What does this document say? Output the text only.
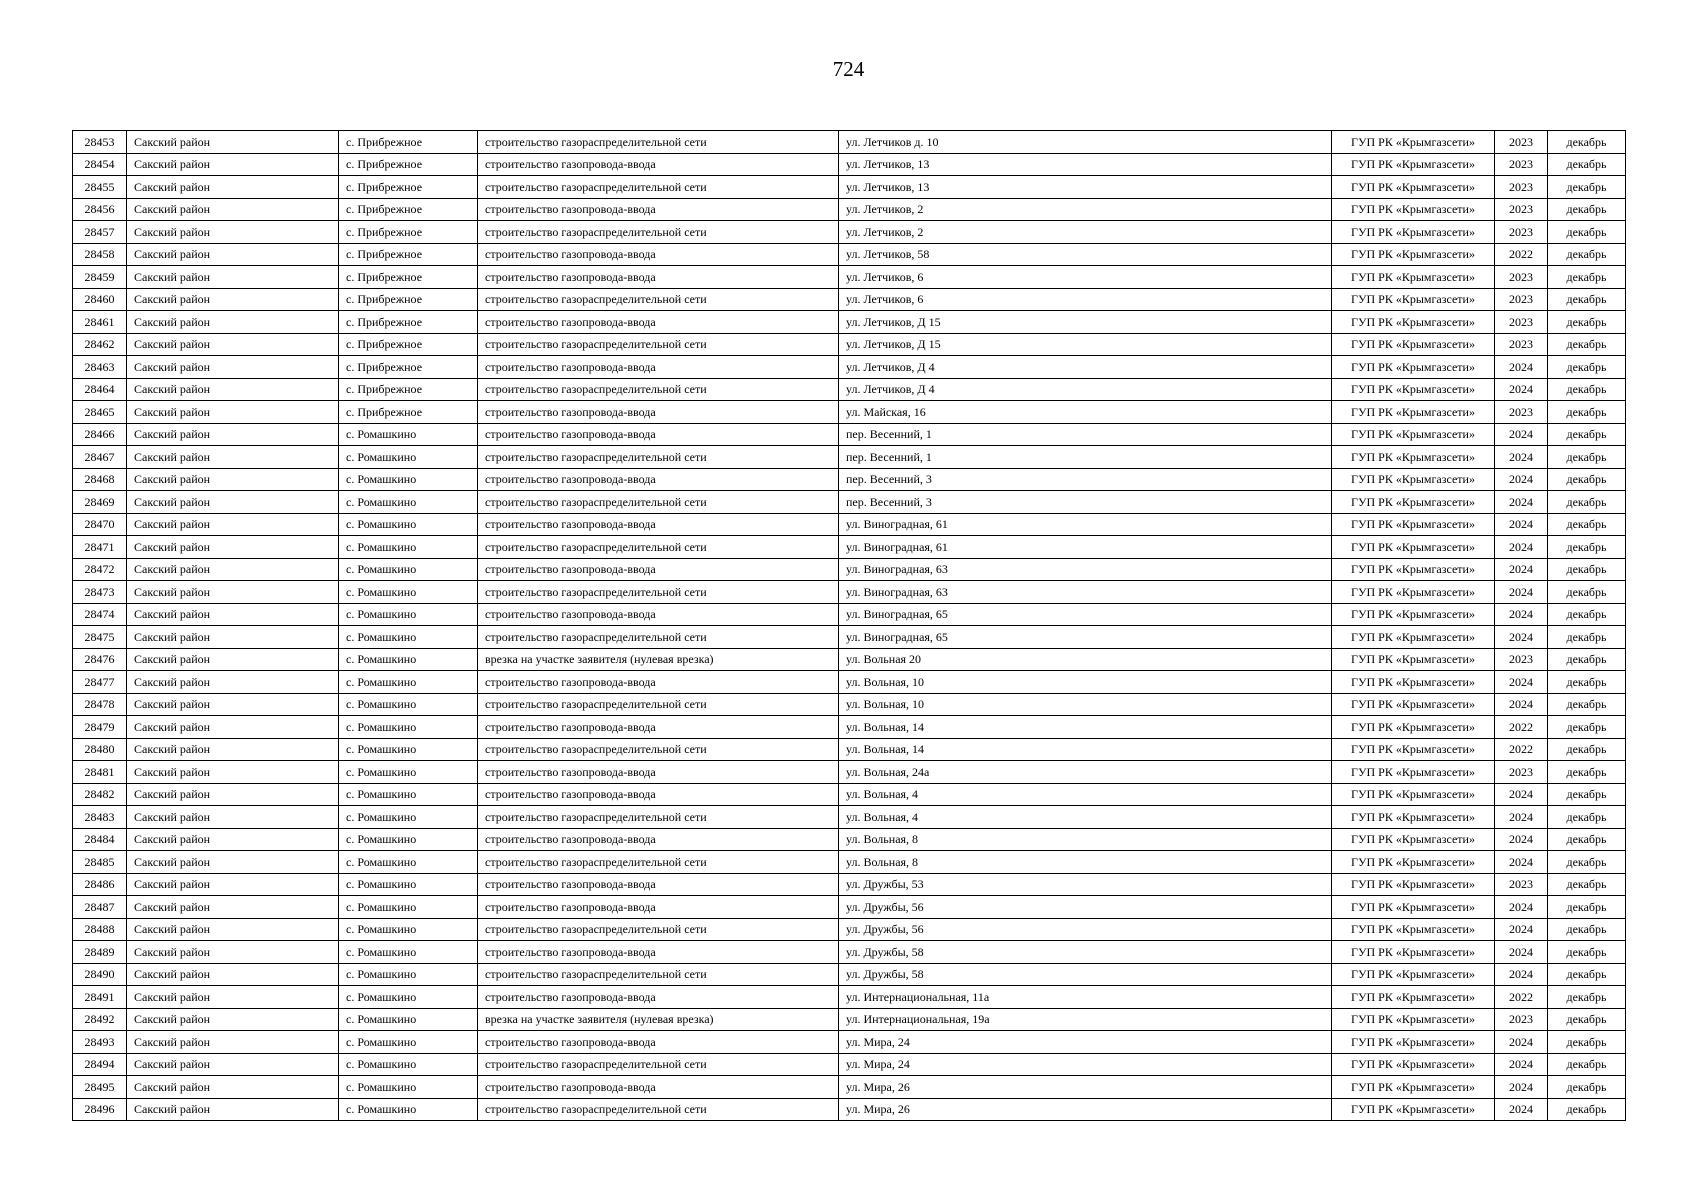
724
28453	Сакский район	с. Прибрежное	строительство газораспределительной сети	ул. Летчиков д. 10	ГУП РК «Крымгазсети»	2023	декабрь
28454	Сакский район	с. Прибрежное	строительство газопровода-ввода	ул. Летчиков, 13	ГУП РК «Крымгазсети»	2023	декабрь
28455	Сакский район	с. Прибрежное	строительство газораспределительной сети	ул. Летчиков, 13	ГУП РК «Крымгазсети»	2023	декабрь
28456	Сакский район	с. Прибрежное	строительство газопровода-ввода	ул. Летчиков, 2	ГУП РК «Крымгазсети»	2023	декабрь
28457	Сакский район	с. Прибрежное	строительство газораспределительной сети	ул. Летчиков, 2	ГУП РК «Крымгазсети»	2023	декабрь
28458	Сакский район	с. Прибрежное	строительство газопровода-ввода	ул. Летчиков, 58	ГУП РК «Крымгазсети»	2022	декабрь
28459	Сакский район	с. Прибрежное	строительство газопровода-ввода	ул. Летчиков, 6	ГУП РК «Крымгазсети»	2023	декабрь
28460	Сакский район	с. Прибрежное	строительство газораспределительной сети	ул. Летчиков, 6	ГУП РК «Крымгазсети»	2023	декабрь
28461	Сакский район	с. Прибрежное	строительство газопровода-ввода	ул. Летчиков, Д 15	ГУП РК «Крымгазсети»	2023	декабрь
28462	Сакский район	с. Прибрежное	строительство газораспределительной сети	ул. Летчиков, Д 15	ГУП РК «Крымгазсети»	2023	декабрь
28463	Сакский район	с. Прибрежное	строительство газопровода-ввода	ул. Летчиков, Д 4	ГУП РК «Крымгазсети»	2024	декабрь
28464	Сакский район	с. Прибрежное	строительство газораспределительной сети	ул. Летчиков, Д 4	ГУП РК «Крымгазсети»	2024	декабрь
28465	Сакский район	с. Прибрежное	строительство газопровода-ввода	ул. Майская, 16	ГУП РК «Крымгазсети»	2023	декабрь
28466	Сакский район	с. Ромашкино	строительство газопровода-ввода	пер. Весенний, 1	ГУП РК «Крымгазсети»	2024	декабрь
28467	Сакский район	с. Ромашкино	строительство газораспределительной сети	пер. Весенний, 1	ГУП РК «Крымгазсети»	2024	декабрь
28468	Сакский район	с. Ромашкино	строительство газопровода-ввода	пер. Весенний, 3	ГУП РК «Крымгазсети»	2024	декабрь
28469	Сакский район	с. Ромашкино	строительство газораспределительной сети	пер. Весенний, 3	ГУП РК «Крымгазсети»	2024	декабрь
28470	Сакский район	с. Ромашкино	строительство газопровода-ввода	ул. Виноградная, 61	ГУП РК «Крымгазсети»	2024	декабрь
28471	Сакский район	с. Ромашкино	строительство газораспределительной сети	ул. Виноградная, 61	ГУП РК «Крымгазсети»	2024	декабрь
28472	Сакский район	с. Ромашкино	строительство газопровода-ввода	ул. Виноградная, 63	ГУП РК «Крымгазсети»	2024	декабрь
28473	Сакский район	с. Ромашкино	строительство газораспределительной сети	ул. Виноградная, 63	ГУП РК «Крымгазсети»	2024	декабрь
28474	Сакский район	с. Ромашкино	строительство газопровода-ввода	ул. Виноградная, 65	ГУП РК «Крымгазсети»	2024	декабрь
28475	Сакский район	с. Ромашкино	строительство газораспределительной сети	ул. Виноградная, 65	ГУП РК «Крымгазсети»	2024	декабрь
28476	Сакский район	с. Ромашкино	врезка на участке заявителя (нулевая врезка)	ул. Вольная 20	ГУП РК «Крымгазсети»	2023	декабрь
28477	Сакский район	с. Ромашкино	строительство газопровода-ввода	ул. Вольная, 10	ГУП РК «Крымгазсети»	2024	декабрь
28478	Сакский район	с. Ромашкино	строительство газораспределительной сети	ул. Вольная, 10	ГУП РК «Крымгазсети»	2024	декабрь
28479	Сакский район	с. Ромашкино	строительство газопровода-ввода	ул. Вольная, 14	ГУП РК «Крымгазсети»	2022	декабрь
28480	Сакский район	с. Ромашкино	строительство газораспределительной сети	ул. Вольная, 14	ГУП РК «Крымгазсети»	2022	декабрь
28481	Сакский район	с. Ромашкино	строительство газопровода-ввода	ул. Вольная, 24а	ГУП РК «Крымгазсети»	2023	декабрь
28482	Сакский район	с. Ромашкино	строительство газопровода-ввода	ул. Вольная, 4	ГУП РК «Крымгазсети»	2024	декабрь
28483	Сакский район	с. Ромашкино	строительство газораспределительной сети	ул. Вольная, 4	ГУП РК «Крымгазсети»	2024	декабрь
28484	Сакский район	с. Ромашкино	строительство газопровода-ввода	ул. Вольная, 8	ГУП РК «Крымгазсети»	2024	декабрь
28485	Сакский район	с. Ромашкино	строительство газораспределительной сети	ул. Вольная, 8	ГУП РК «Крымгазсети»	2024	декабрь
28486	Сакский район	с. Ромашкино	строительство газопровода-ввода	ул. Дружбы, 53	ГУП РК «Крымгазсети»	2023	декабрь
28487	Сакский район	с. Ромашкино	строительство газопровода-ввода	ул. Дружбы, 56	ГУП РК «Крымгазсети»	2024	декабрь
28488	Сакский район	с. Ромашкино	строительство газораспределительной сети	ул. Дружбы, 56	ГУП РК «Крымгазсети»	2024	декабрь
28489	Сакский район	с. Ромашкино	строительство газопровода-ввода	ул. Дружбы, 58	ГУП РК «Крымгазсети»	2024	декабрь
28490	Сакский район	с. Ромашкино	строительство газораспределительной сети	ул. Дружбы, 58	ГУП РК «Крымгазсети»	2024	декабрь
28491	Сакский район	с. Ромашкино	строительство газопровода-ввода	ул. Интернациональная, 11а	ГУП РК «Крымгазсети»	2022	декабрь
28492	Сакский район	с. Ромашкино	врезка на участке заявителя (нулевая врезка)	ул. Интернациональная, 19а	ГУП РК «Крымгазсети»	2023	декабрь
28493	Сакский район	с. Ромашкино	строительство газопровода-ввода	ул. Мира, 24	ГУП РК «Крымгазсети»	2024	декабрь
28494	Сакский район	с. Ромашкино	строительство газораспределительной сети	ул. Мира, 24	ГУП РК «Крымгазсети»	2024	декабрь
28495	Сакский район	с. Ромашкино	строительство газопровода-ввода	ул. Мира, 26	ГУП РК «Крымгазсети»	2024	декабрь
28496	Сакский район	с. Ромашкино	строительство газораспределительной сети	ул. Мира, 26	ГУП РК «Крымгазсети»	2024	декабрь
